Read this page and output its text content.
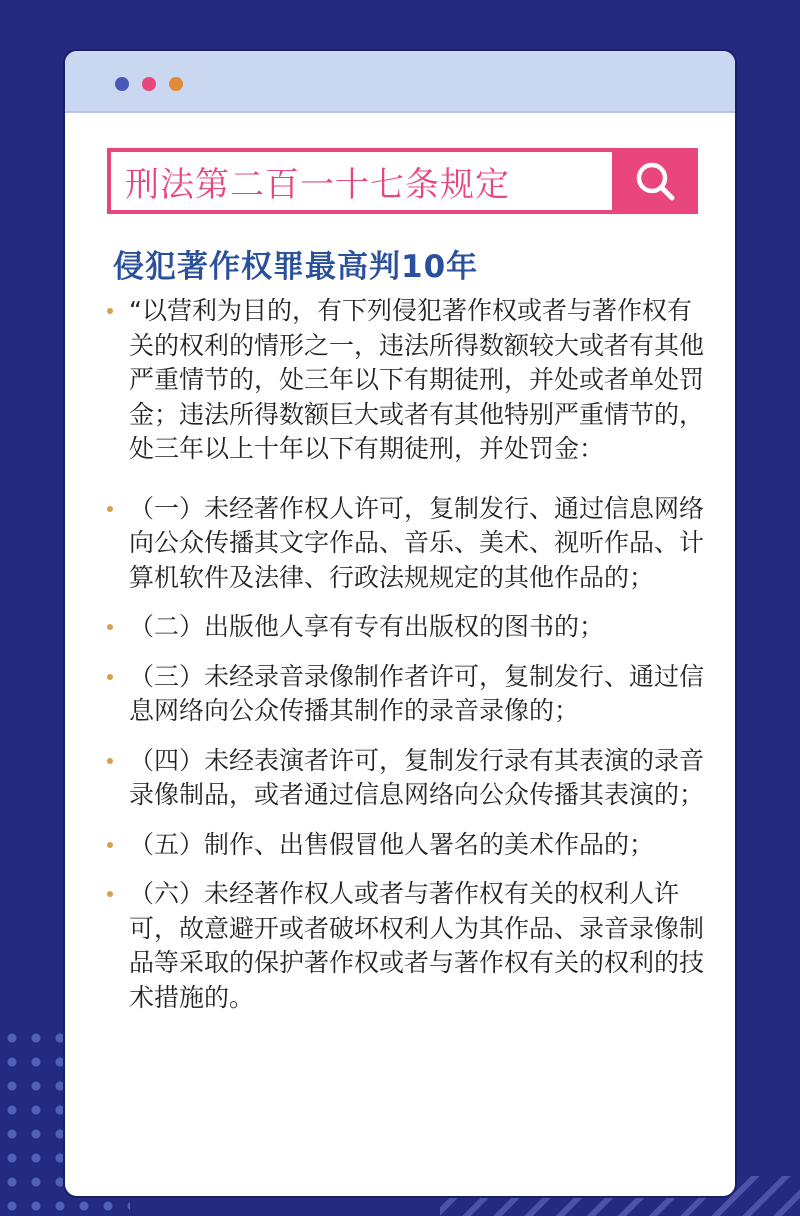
刑法第二百一十七条规定
侵犯著作权罪最高判10年
“以营利为目的，有下列侵犯著作权或者与著作权有关的权利的情形之一，违法所得数额较大或者有其他严重情节的，处三年以下有期徒刑，并处或者单处罚金；违法所得数额巨大或者有其他特别严重情节的，处三年以上十年以下有期徒刑，并处罚金：
（一）未经著作权人许可，复制发行、通过信息网络向公众传播其文字作品、音乐、美术、视听作品、计算机软件及法律、行政法规规定的其他作品的；
（二）出版他人享有专有出版权的图书的；
（三）未经录音录像制作者许可，复制发行、通过信息网络向公众传播其制作的录音录像的；
（四）未经表演者许可，复制发行录有其表演的录音录像制品，或者通过信息网络向公众传播其表演的；
（五）制作、出售假冒他人署名的美术作品的；
（六）未经著作权人或者与著作权有关的权利人许可，故意避开或者破坏权利人为其作品、录音录像制品等采取的保护著作权或者与著作权有关的权利的技术措施的。
